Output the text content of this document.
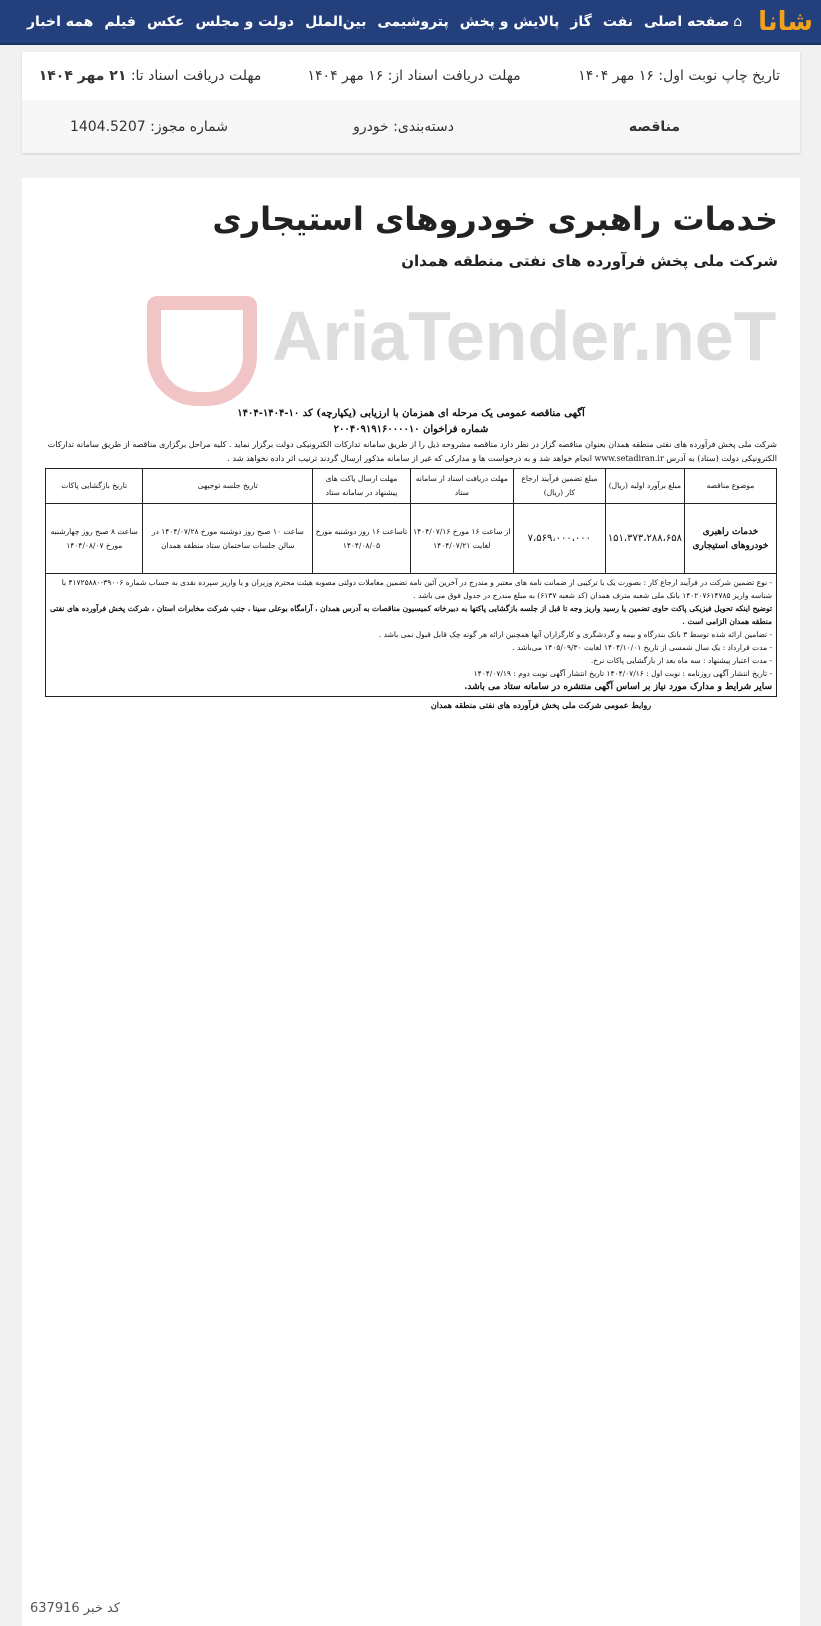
شانا
⌂
صفحه اصلی
نفت
گاز
پالایش و پخش
پتروشیمی
بین‌الملل
دولت و مجلس
عکس
فیلم
همه اخبار
تاریخ چاپ نوبت اول: ۱۶ مهر ۱۴۰۴
مهلت دریافت اسناد از: ۱۶ مهر ۱۴۰۴
مهلت دریافت اسناد تا: ۲۱ مهر ۱۴۰۴
مناقصه
دسته‌بندی: خودرو
شماره مجوز: 1404.5207
خدمات راهبری خودروهای استیجاری
شرکت ملی پخش فرآورده های نفتی منطقه همدان
AriaTender.neT
آگهی مناقصه عمومی یک مرحله ای همزمان با ارزیابی (یکپارچه) کد ۱۰-۱۴۰۴-۱۴۰۴
شماره فراخوان ۲۰۰۴۰۹۱۹۱۶۰۰۰۰۱۰
شرکت ملی پخش فرآورده های نفتی منطقه همدان بعنوان مناقصه گزار در نظر دارد مناقصه مشروحه ذیل را از طریق سامانه تدارکات الکترونیکی دولت برگزار نماید . کلیه مراحل برگزاری مناقصه از طریق سامانه تدارکات الکترونیکی دولت (ستاد) به آدرس www.setadiran.ir انجام خواهد شد و به درخواست ها و مدارکی که غیر از سامانه مذکور ارسال گردند ترتیب اثر داده نخواهد شد .
موضوع مناقصه	مبلغ برآورد اولیه (ریال)	مبلغ تضمین فرآیند ارجاع کار (ریال)	مهلت دریافت اسناد از سامانه ستاد	مهلت ارسال پاکت های پیشنهاد در سامانه ستاد	تاریخ جلسه توجیهی	تاریخ بازگشایی پاکات
خدمات راهبری خودروهای استیجاری	۱۵۱،۳۷۳،۲۸۸،۶۵۸	۷،۵۶۹،۰۰۰،۰۰۰	از ساعت ۱۶ مورخ ۱۴۰۴/۰۷/۱۶ لغایت ۱۴۰۴/۰۷/۲۱	تاساعت ۱۶ روز دوشنبه مورخ ۱۴۰۴/۰۸/۰۵	ساعت ۱۰ صبح روز دوشنبه مورخ ۱۴۰۴/۰۷/۲۸ در سالن جلسات ساختمان ستاد منطقه همدان	ساعت ۸ صبح روز چهارشنبه مورخ ۱۴۰۴/۰۸/۰۷
- نوع تضمین شرکت در فرآیند ارجاع کار : بصورت یک یا ترکیبی از ضمانت نامه های معتبر و مندرج در آخرین آئین نامه تضمین معاملات دولتی مصوبه هیئت محترم وزیران و یا واریز سپرده نقدی به حساب شماره ۳۹۰۰۶-۴۱۷۲۵۸۸۰ با شناسه واریز ۱۴۰۲۰۷۶۱۴۷۸۵ بانک ملی شعبه مترف همدان (کد شعبه ۶۱۳۷) به مبلغ مندرج در جدول فوق می باشد .
توضیح اینکه تحویل فیزیکی پاکت حاوی تضمین یا رسید واریز وجه تا قبل از جلسه بازگشایی پاکتها به دبیرخانه کمیسیون مناقصات به آدرس همدان ، آرامگاه بوعلی سینا ، جنب شرکت مخابرات استان ، شرکت پخش فرآورده های نفتی منطقه همدان الزامی است .
- تضامین ارائه شده توسط ۳ بانک بندرگاه و بیمه و گردشگری و کارگزاران آنها همچنین ارائه هر گونه چک قابل قبول نمی باشد .
- مدت قرارداد : یک سال شمسی از تاریخ ۱۴۰۴/۱۰/۰۱ لغایت ۱۴۰۵/۰۹/۳۰ می‌باشد .
- مدت اعتبار پیشنهاد : سه ماه بعد از بازگشایی پاکات نرخ.
- تاریخ انتشار آگهی روزنامه : نوبت اول : ۱۴۰۴/۰۷/۱۶ تاریخ انتشار آگهی نوبت دوم : ۱۴۰۴/۰۷/۱۹
سایر شرایط و مدارک مورد نیاز بر اساس آگهی منتشره در سامانه ستاد می باشد.
روابط عمومی شرکت ملی پخش فرآورده های نفتی منطقه همدان
کد خبر 637916
